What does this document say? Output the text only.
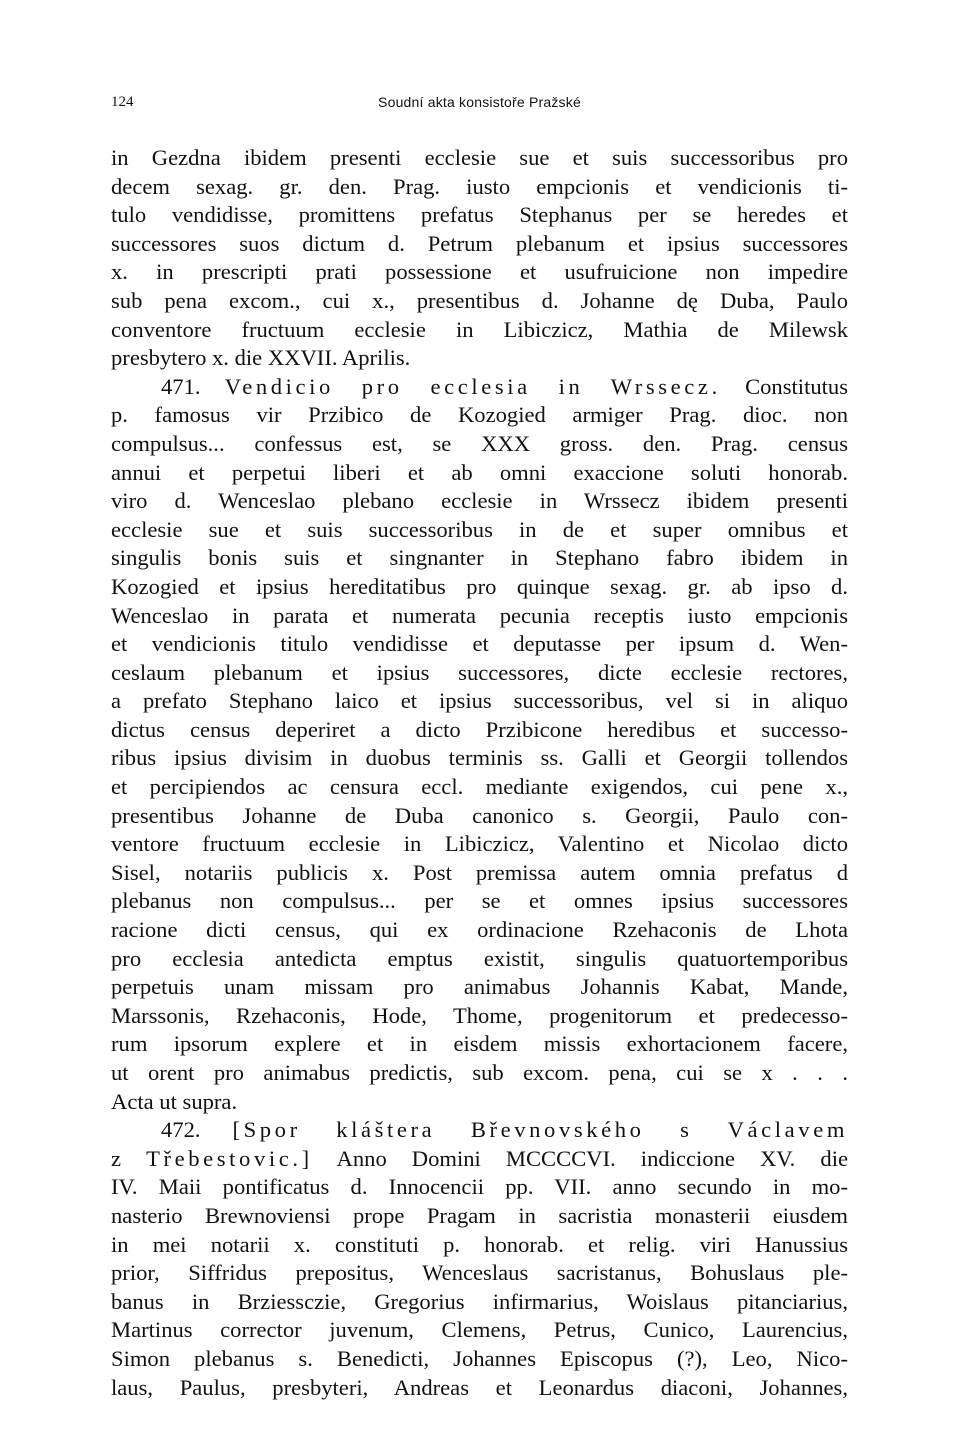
124	Soudní akta konsistoře Pražské
in Gezdna ibidem presenti ecclesie sue et suis successoribus pro
decem sexag. gr. den. Prag. iusto empcionis et vendicionis ti-
tulo vendidisse, promittens prefatus Stephanus per se heredes et
successores suos dictum d. Petrum plebanum et ipsius successores
x. in prescripti prati possessione et usufruicione non impedire
sub pena excom., cui x., presentibus d. Johanne dę Duba, Paulo
conventore fructuum ecclesie in Libiczicz, Mathia de Milewsk
presbytero x. die XXVII. Aprilis.
471. Vendicio pro ecclesia in Wrssecz. Constitutus
p. famosus vir Przibico de Kozogied armiger Prag. dioc. non
compulsus... confessus est, se XXX gross. den. Prag. census
annui et perpetui liberi et ab omni exaccione soluti honorab.
viro d. Wenceslao plebano ecclesie in Wrssecz ibidem presenti
ecclesie sue et suis successoribus in de et super omnibus et
singulis bonis suis et singnanter in Stephano fabro ibidem in
Kozogied et ipsius hereditatibus pro quinque sexag. gr. ab ipso d.
Wenceslao in parata et numerata pecunia receptis iusto empcionis
et vendicionis titulo vendidisse et deputasse per ipsum d. Wen-
ceslaum plebanum et ipsius successores, dicte ecclesie rectores,
a prefato Stephano laico et ipsius successoribus, vel si in aliquo
dictus census deperiret a dicto Przibicone heredibus et successo-
ribus ipsius divisim in duobus terminis ss. Galli et Georgii tollendos
et percipiendos ac censura eccl. mediante exigendos, cui pene x.,
presentibus Johanne de Duba canonico s. Georgii, Paulo con-
ventore fructuum ecclesie in Libiczicz, Valentino et Nicolao dicto
Sisel, notariis publicis x. Post premissa autem omnia prefatus d
plebanus non compulsus... per se et omnes ipsius successores
racione dicti census, qui ex ordinacione Rzehaconis de Lhota
pro ecclesia antedicta emptus existit, singulis quatuortemporibus
perpetuis unam missam pro animabus Johannis Kabat, Mande,
Marssonis, Rzehaconis, Hode, Thome, progenitorum et predecesso-
rum ipsorum explere et in eisdem missis exhortacionem facere,
ut orent pro animabus predictis, sub excom. pena, cui se x . . .
Acta ut supra.
472. [Spor kláštera Břevnovského s Václavem
z Třebestovic.] Anno Domini MCCCCVI. indiccione XV. die
IV. Maii pontificatus d. Innocencii pp. VII. anno secundo in mo-
nasterio Brewnoviensi prope Pragam in sacristia monasterii eiusdem
in mei notarii x. constituti p. honorab. et relig. viri Hanussius
prior, Siffridus prepositus, Wenceslaus sacristanus, Bohuslaus ple-
banus in Brziessczie, Gregorius infirmarius, Woislaus pitanciarius,
Martinus corrector juvenum, Clemens, Petrus, Cunico, Laurencius,
Simon plebanus s. Benedicti, Johannes Episcopus (?), Leo, Nico-
laus, Paulus, presbyteri, Andreas et Leonardus diaconi, Johannes,
